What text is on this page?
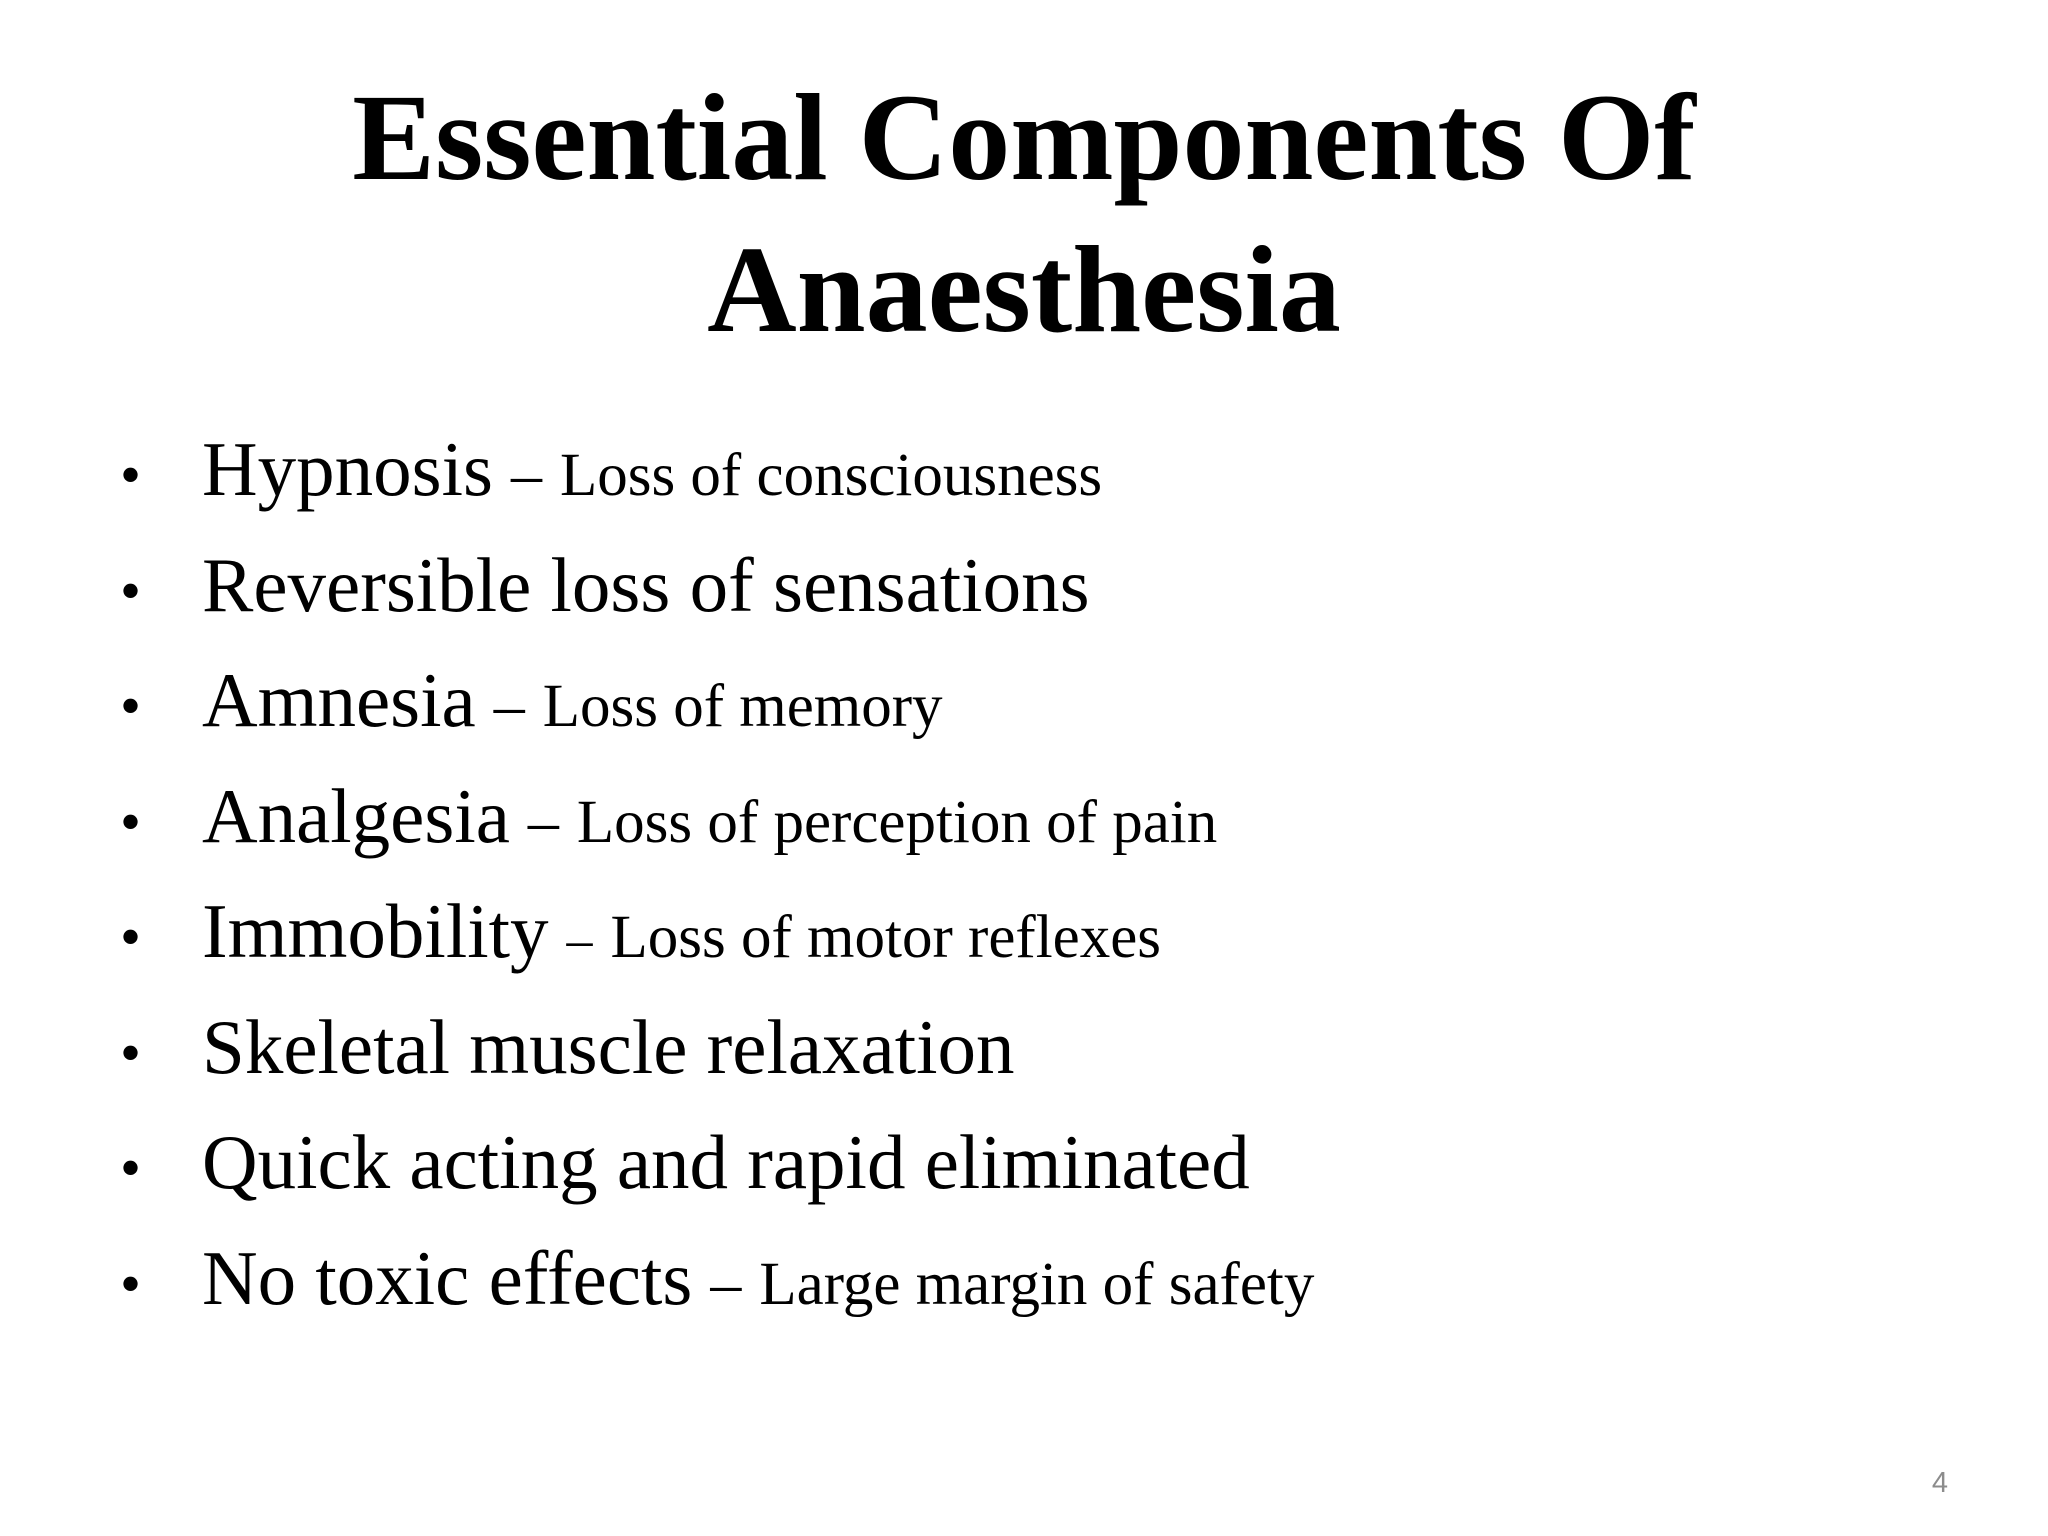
Essential Components Of
Anaesthesia
• Hypnosis – Loss of consciousness
• Reversible loss of sensations
• Amnesia – Loss of memory
• Analgesia – Loss of perception of pain
• Immobility – Loss of motor reflexes
• Skeletal muscle relaxation
• Quick acting and rapid eliminated
• No toxic effects – Large margin of safety
4
